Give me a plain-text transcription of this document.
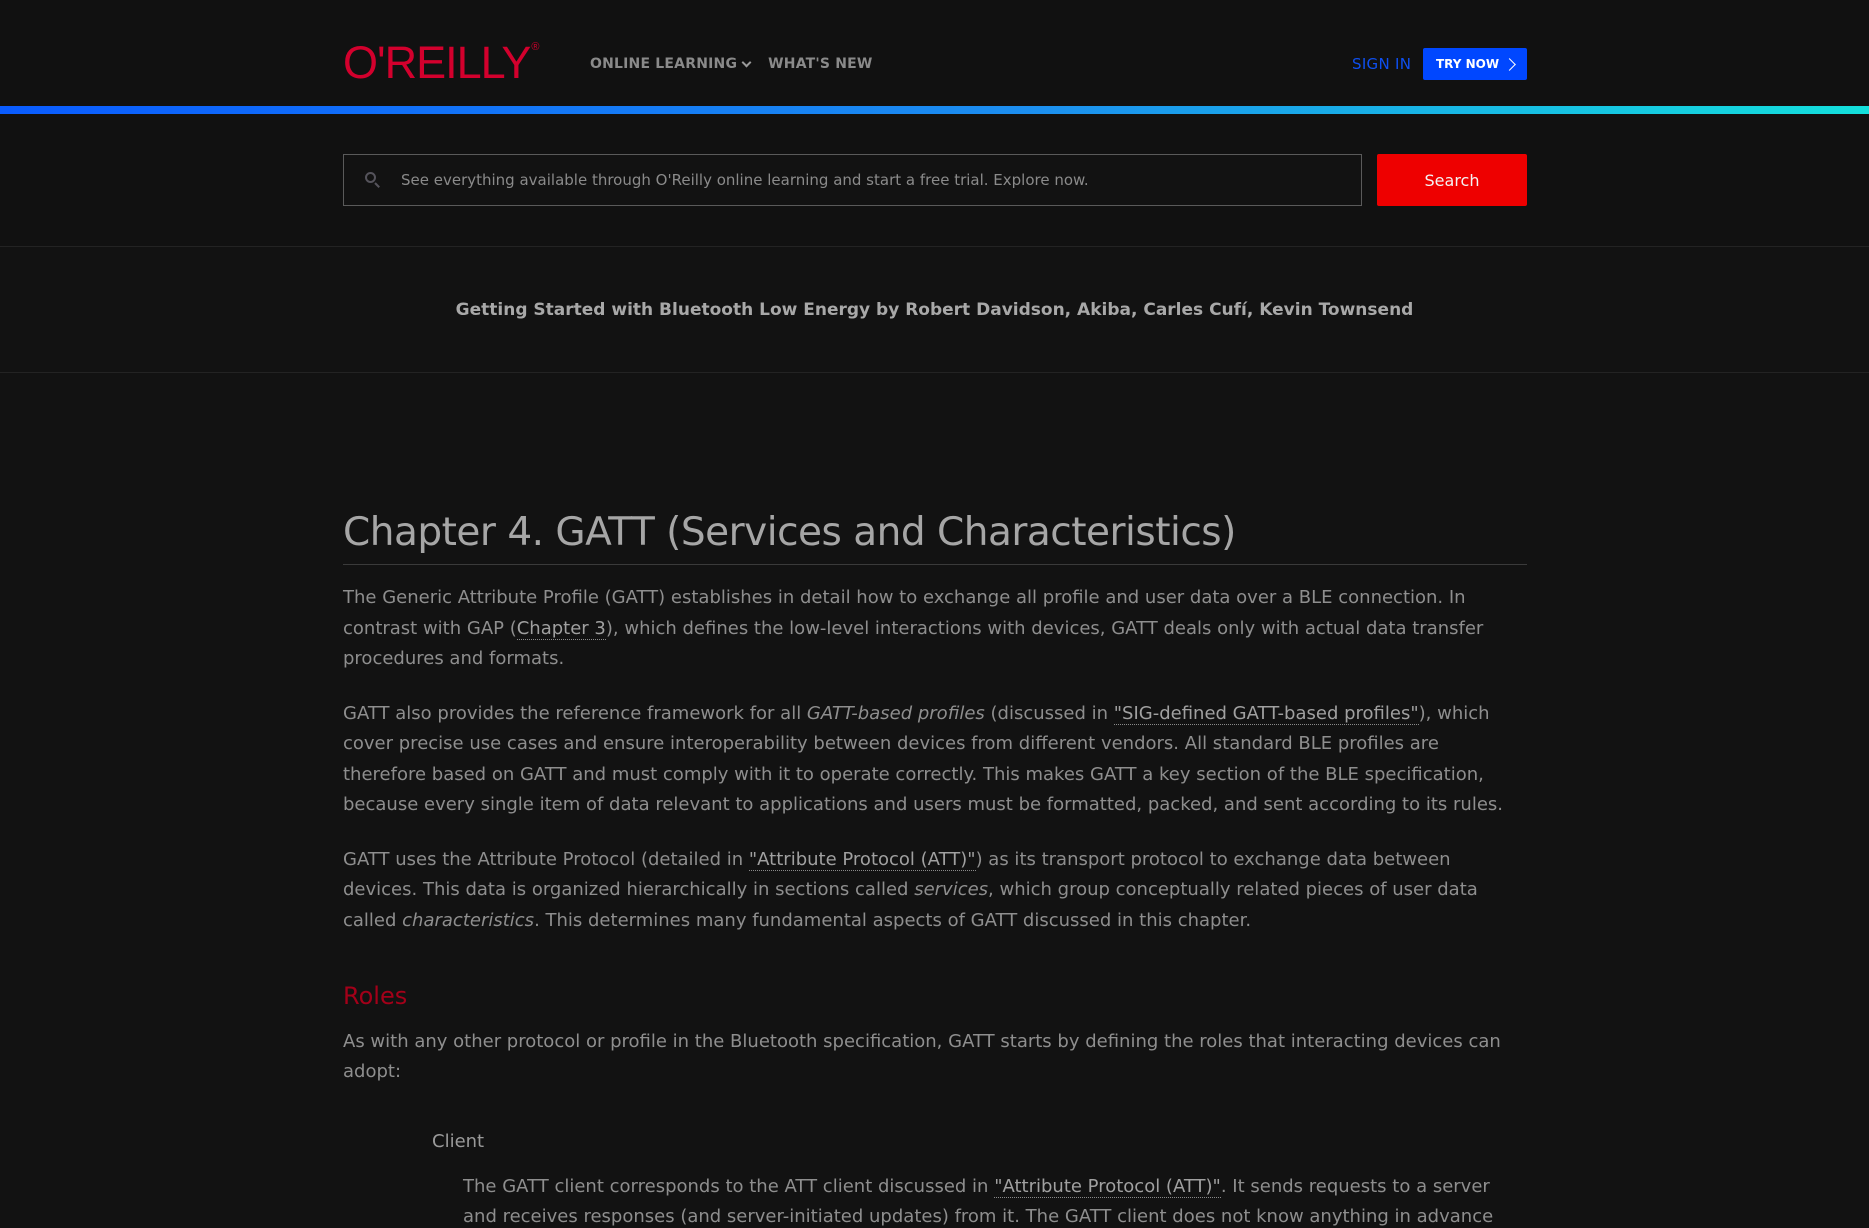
O'REILLY®
ONLINE LEARNING WHAT'S NEW	SIGN IN TRY NOW
See everything available through O'Reilly online learning and start a free trial. Explore now.	Search
Getting Started with Bluetooth Low Energy by Robert Davidson, Akiba, Carles Cufí, Kevin Townsend
Chapter 4. GATT (Services and Characteristics)

The Generic Attribute Profile (GATT) establishes in detail how to exchange all profile and user data over a BLE connection. In contrast with GAP (Chapter 3), which defines the low-level interactions with devices, GATT deals only with actual data transfer procedures and formats.

GATT also provides the reference framework for all GATT-based profiles (discussed in "SIG-defined GATT-based profiles"), which cover precise use cases and ensure interoperability between devices from different vendors. All standard BLE profiles are therefore based on GATT and must comply with it to operate correctly. This makes GATT a key section of the BLE specification, because every single item of data relevant to applications and users must be formatted, packed, and sent according to its rules.

GATT uses the Attribute Protocol (detailed in "Attribute Protocol (ATT)") as its transport protocol to exchange data between devices. This data is organized hierarchically in sections called services, which group conceptually related pieces of user data called characteristics. This determines many fundamental aspects of GATT discussed in this chapter.

Roles

As with any other protocol or profile in the Bluetooth specification, GATT starts by defining the roles that interacting devices can adopt:

Client
The GATT client corresponds to the ATT client discussed in "Attribute Protocol (ATT)". It sends requests to a server and receives responses (and server-initiated updates) from it. The GATT client does not know anything in advance
